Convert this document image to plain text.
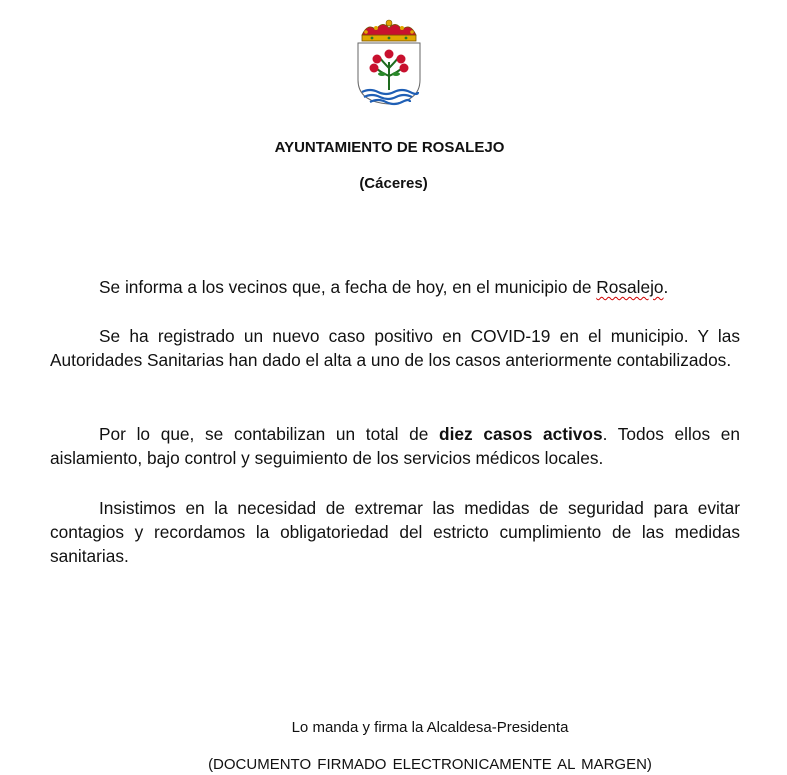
AYUNTAMIENTO DE ROSALEJO
(Cáceres)

Se informa a los vecinos que, a fecha de hoy, en el municipio de Rosalejo.

Se ha registrado un nuevo caso positivo en COVID-19 en el municipio. Y las Autoridades Sanitarias han dado el alta a uno de los casos anteriormente contabilizados.

Por lo que, se contabilizan un total de diez casos activos. Todos ellos en aislamiento, bajo control y seguimiento de los servicios médicos locales.

Insistimos en la necesidad de extremar las medidas de seguridad para evitar contagios y recordamos la obligatoriedad del estricto cumplimiento de las medidas sanitarias.

Lo manda y firma la Alcaldesa-Presidenta
(DOCUMENTO FIRMADO ELECTRONICAMENTE AL MARGEN)
